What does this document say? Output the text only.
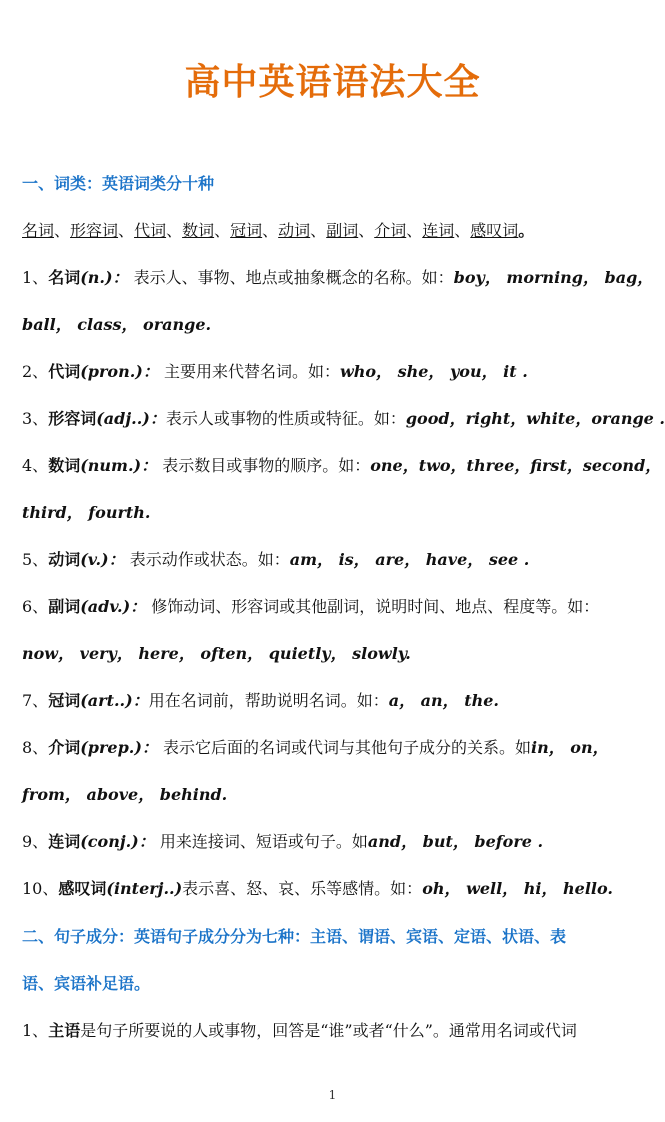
高中英语语法大全
一、词类：英语词类分十种
名词、形容词、代词、数词、冠词、动词、副词、介词、连词、感叹词。
1、名词(n.)： 表示人、事物、地点或抽象概念的名称。如：boy， morning， bag，
ball， class， orange.
2、代词(pron.)： 主要用来代替名词。如：who， she， you， it .
3、形容词(adj..)：表示人或事物的性质或特征。如：good，right，white，orange .
4、数词(num.)： 表示数目或事物的顺序。如：one，two，three，first，second，
third， fourth.
5、动词(v.)： 表示动作或状态。如：am， is， are， have， see .
6、副词(adv.)： 修饰动词、形容词或其他副词，说明时间、地点、程度等。如：
now， very， here， often， quietly， slowly.
7、冠词(art..)：用在名词前，帮助说明名词。如：a， an， the.
8、介词(prep.)： 表示它后面的名词或代词与其他句子成分的关系。如in， on，
from， above， behind.
9、连词(conj.)： 用来连接词、短语或句子。如and， but， before .
10、感叹词(interj..)表示喜、怒、哀、乐等感情。如：oh， well， hi， hello.
二、句子成分：英语句子成分分为七种：主语、谓语、宾语、定语、状语、表
语、宾语补足语。
1、主语是句子所要说的人或事物，回答是“谁”或者“什么”。通常用名词或代词
1
